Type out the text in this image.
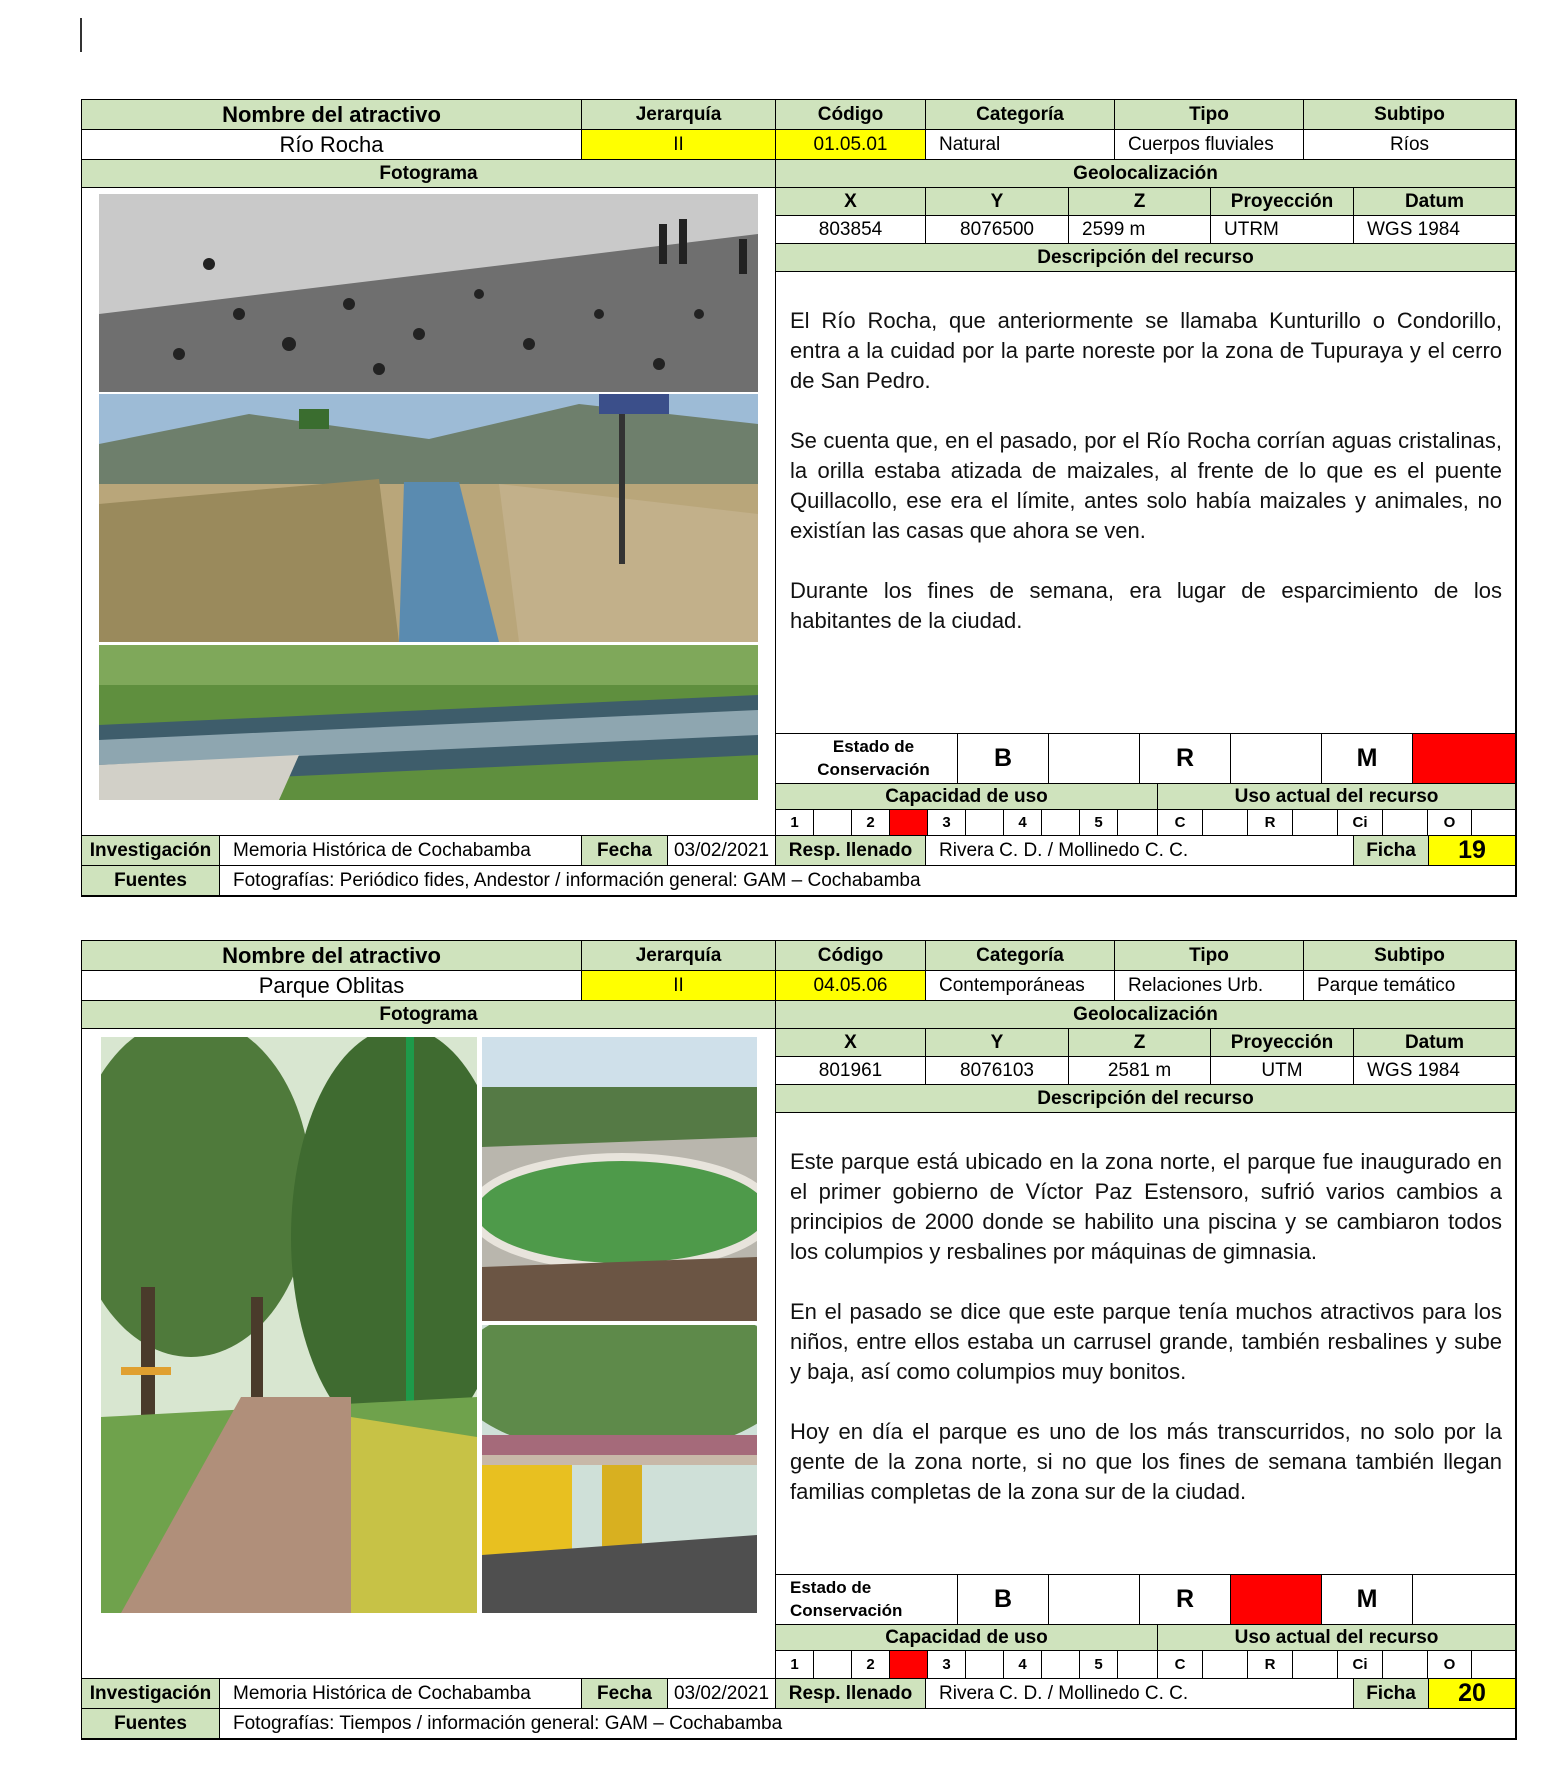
Nombre del atractivo	Jerarquía	Código	Categoría	Tipo	Subtipo
Río Rocha	II	01.05.01	Natural	Cuerpos fluviales	Ríos
Fotograma	Geolocalización
X	Y	Z	Proyección	Datum
803854	8076500	2599 m	UTRM	WGS 1984
Descripción del recurso

El Río Rocha, que anteriormente se llamaba Kunturillo o Condorillo, entra a la cuidad por la parte noreste por la zona de Tupuraya y el cerro de San Pedro.

Se cuenta que, en el pasado, por el Río Rocha corrían aguas cristalinas, la orilla estaba atizada de maizales, al frente de lo que es el puente Quillacollo, ese era el límite, antes solo había maizales y animales, no existían las casas que ahora se ven.

Durante los fines de semana, era lugar de esparcimiento de los habitantes de la ciudad.

Estado de Conservación	B	R	M
Capacidad de uso	Uso actual del recurso
1	2	3	4	5	C	R	Ci	O
Investigación	Memoria Histórica de Cochabamba	Fecha	03/02/2021	Resp. llenado	Rivera C. D. / Mollinedo C. C.	Ficha	19
Fuentes	Fotografías: Periódico fides, Andestor / información general: GAM – Cochabamba
Nombre del atractivo	Jerarquía	Código	Categoría	Tipo	Subtipo
Parque Oblitas	II	04.05.06	Contemporáneas	Relaciones Urb.	Parque temático
Fotograma	Geolocalización
X	Y	Z	Proyección	Datum
801961	8076103	2581 m	UTM	WGS 1984
Descripción del recurso

Este parque está ubicado en la zona norte, el parque fue inaugurado en el primer gobierno de Víctor Paz Estensoro, sufrió varios cambios a principios de 2000 donde se habilito una piscina y se cambiaron todos los columpios y resbalines por máquinas de gimnasia.

En el pasado se dice que este parque tenía muchos atractivos para los niños, entre ellos estaba un carrusel grande, también resbalines y sube y baja, así como columpios muy bonitos.

Hoy en día el parque es uno de los más transcurridos, no solo por la gente de la zona norte, si no que los fines de semana también llegan familias completas de la zona sur de la ciudad.

Estado de Conservación	B	R	M
Capacidad de uso	Uso actual del recurso
1	2	3	4	5	C	R	Ci	O
Investigación	Memoria Histórica de Cochabamba	Fecha	03/02/2021	Resp. llenado	Rivera C. D. / Mollinedo C. C.	Ficha	20
Fuentes	Fotografías: Tiempos / información general: GAM – Cochabamba
